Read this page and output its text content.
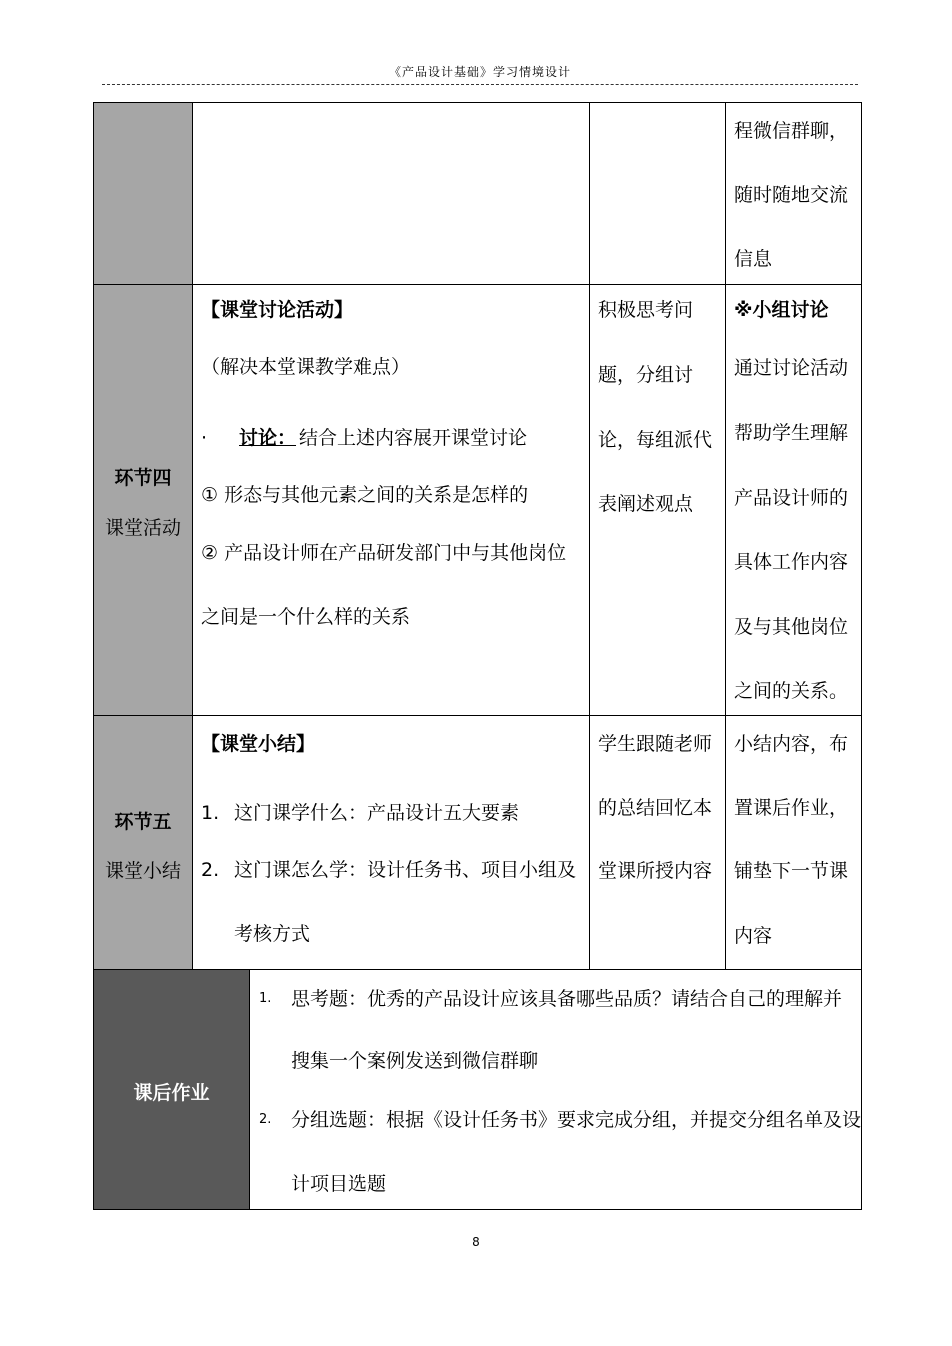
《产品设计基础》学习情境设计
程微信群聊，
随时随地交流
信息
环节四
课堂活动
【课堂讨论活动】
（解决本堂课教学难点）
· 讨论： 结合上述内容展开课堂讨论
① 形态与其他元素之间的关系是怎样的
② 产品设计师在产品研发部门中与其他岗位
之间是一个什么样的关系
积极思考问
题，分组讨
论，每组派代
表阐述观点
※小组讨论
通过讨论活动
帮助学生理解
产品设计师的
具体工作内容
及与其他岗位
之间的关系。
环节五
课堂小结
【课堂小结】
1. 这门课学什么：产品设计五大要素
2. 这门课怎么学：设计任务书、项目小组及
考核方式
学生跟随老师
的总结回忆本
堂课所授内容
小结内容，布
置课后作业，
铺垫下一节课
内容
课后作业
1. 思考题：优秀的产品设计应该具备哪些品质？请结合自己的理解并
搜集一个案例发送到微信群聊
2. 分组选题：根据《设计任务书》要求完成分组，并提交分组名单及设
计项目选题
8
